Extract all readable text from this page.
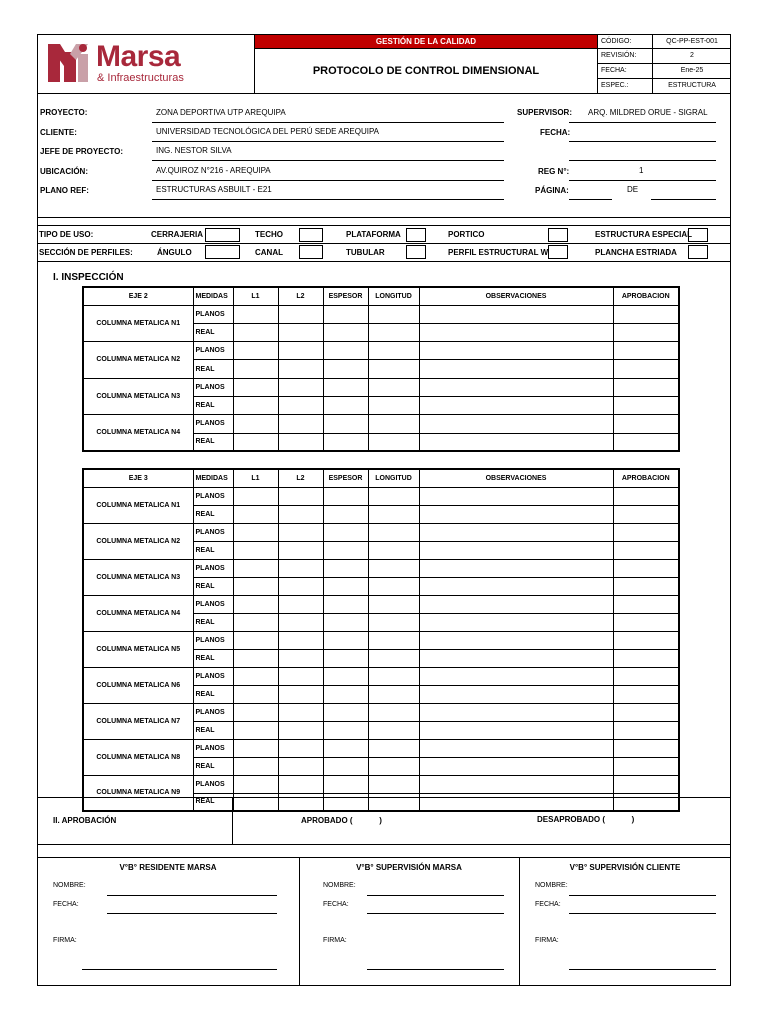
Marsa
& Infraestructuras
GESTIÓN DE LA CALIDAD
PROTOCOLO DE CONTROL DIMENSIONAL
CÓDIGO:	QC-PP-EST-001
REVISIÓN:	2
FECHA:	Ene-25
ESPEC.:	ESTRUCTURA
PROYECTO:	ZONA DEPORTIVA UTP AREQUIPA
CLIENTE:	UNIVERSIDAD TECNOLÓGICA DEL PERÚ SEDE AREQUIPA
JEFE DE PROYECTO:	ING. NESTOR SILVA
UBICACIÓN:	AV.QUIROZ N°216 - AREQUIPA
PLANO REF:	ESTRUCTURAS ASBUILT - E21
SUPERVISOR: ARQ. MILDRED ORUE - SIGRAL
FECHA:
REG N°:	1
PÁGINA:	DE
TIPO DE USO:	CERRAJERIA	TECHO	PLATAFORMA	PORTICO	ESTRUCTURA ESPECIAL
SECCIÓN DE PERFILES:	ÁNGULO	CANAL	TUBULAR	PERFIL ESTRUCTURAL W	PLANCHA ESTRIADA
I. INSPECCIÓN
EJE 2	MEDIDAS	L1	L2	ESPESOR	LONGITUD	OBSERVACIONES	APROBACION
COLUMNA METALICA N1	PLANOS						
	REAL						
COLUMNA METALICA N2	PLANOS						
	REAL						
COLUMNA METALICA N3	PLANOS						
	REAL						
COLUMNA METALICA N4	PLANOS						
	REAL						
EJE 3	MEDIDAS	L1	L2	ESPESOR	LONGITUD	OBSERVACIONES	APROBACION
COLUMNA METALICA N1	PLANOS						
	REAL						
COLUMNA METALICA N2	PLANOS						
	REAL						
COLUMNA METALICA N3	PLANOS						
	REAL						
COLUMNA METALICA N4	PLANOS						
	REAL						
COLUMNA METALICA N5	PLANOS						
	REAL						
COLUMNA METALICA N6	PLANOS						
	REAL						
COLUMNA METALICA N7	PLANOS						
	REAL						
COLUMNA METALICA N8	PLANOS						
	REAL						
COLUMNA METALICA N9	PLANOS						
	REAL						
II. APROBACIÓN	APROBADO (            )	DESAPROBADO (            )
V°B° RESIDENTE MARSA
NOMBRE:
FECHA:
FIRMA:
V°B° SUPERVISIÓN MARSA
NOMBRE:
FECHA:
FIRMA:
V°B° SUPERVISIÓN CLIENTE
NOMBRE:
FECHA:
FIRMA:
